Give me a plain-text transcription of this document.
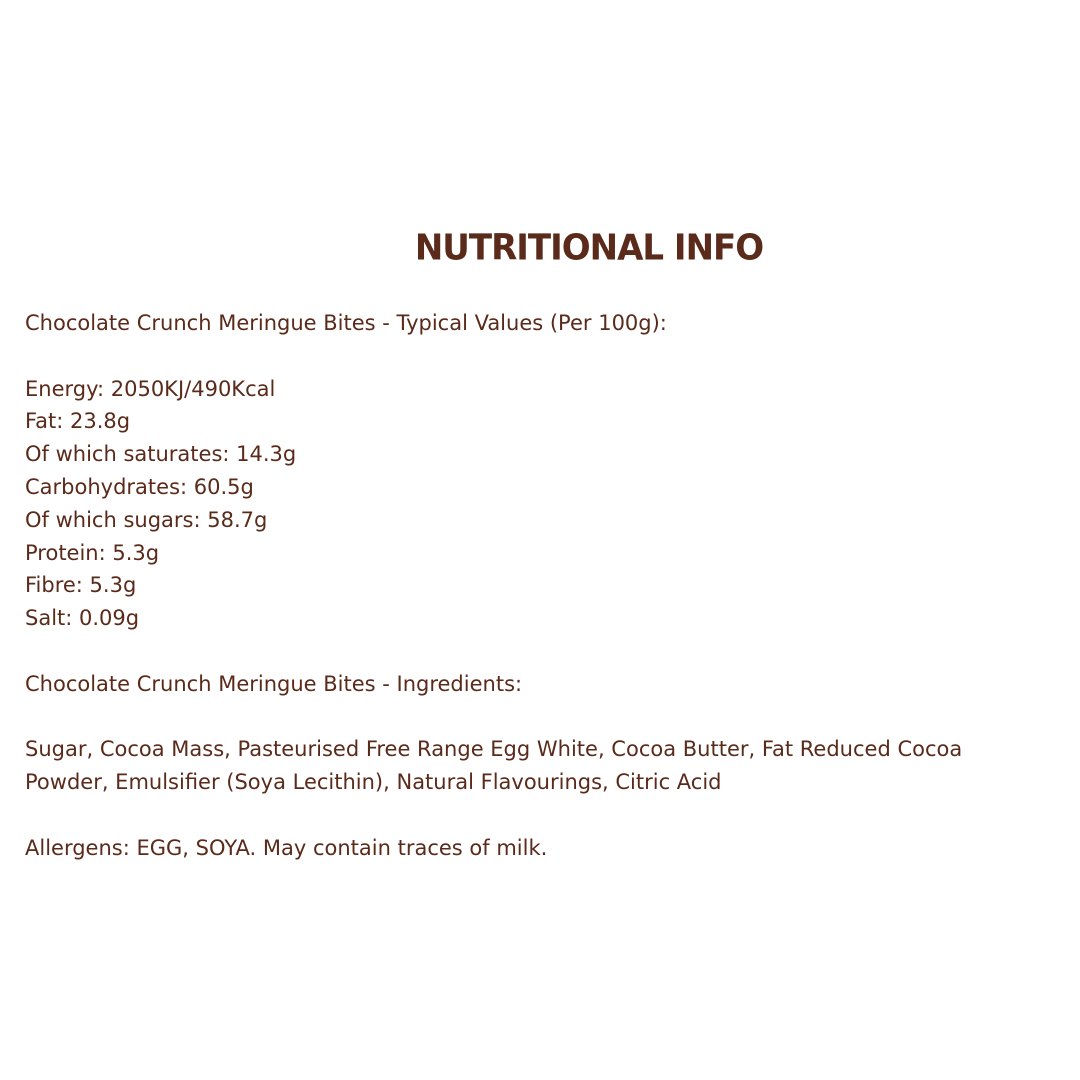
NUTRITIONAL INFO
Chocolate Crunch Meringue Bites - Typical Values (Per 100g):
Energy: 2050KJ/490Kcal
Fat: 23.8g
Of which saturates: 14.3g
Carbohydrates: 60.5g
Of which sugars: 58.7g
Protein: 5.3g
Fibre: 5.3g
Salt: 0.09g
Chocolate Crunch Meringue Bites - Ingredients:
Sugar, Cocoa Mass, Pasteurised Free Range Egg White, Cocoa Butter, Fat Reduced Cocoa
Powder, Emulsifier (Soya Lecithin), Natural Flavourings, Citric Acid
Allergens: EGG, SOYA. May contain traces of milk.
